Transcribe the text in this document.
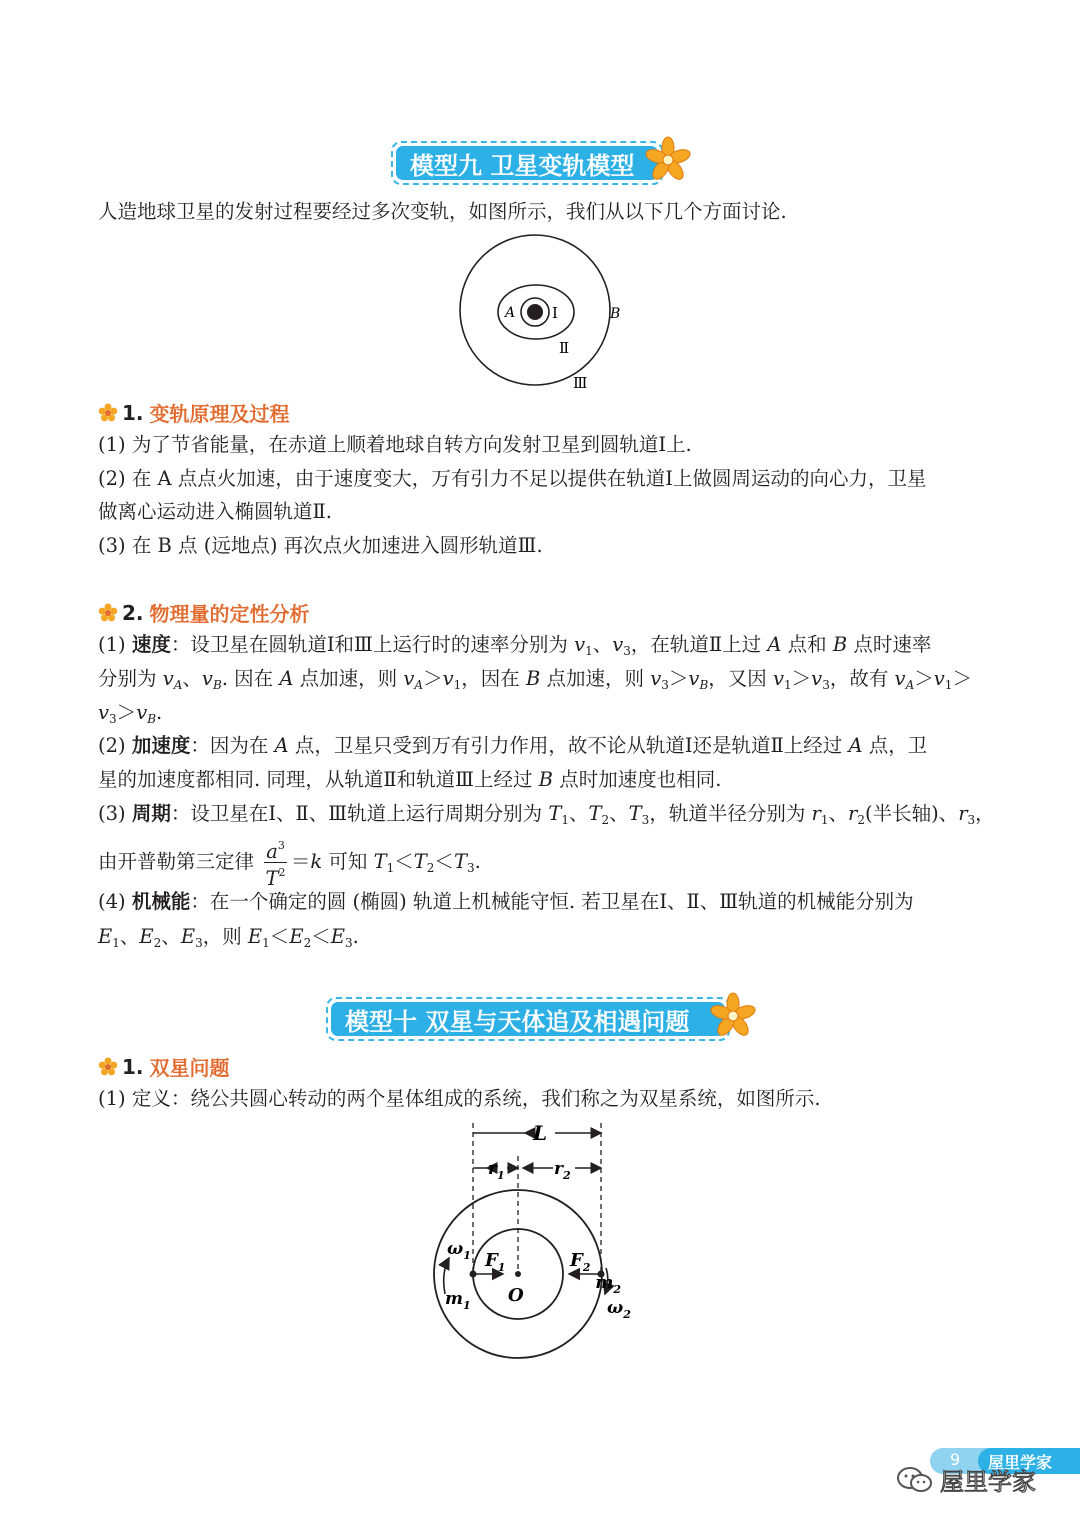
模型九 卫星变轨模型
人造地球卫星的发射过程要经过多次变轨，如图所示，我们从以下几个方面讨论.
A Ⅰ	B
Ⅱ
Ⅲ
1. 变轨原理及过程
(1) 为了节省能量，在赤道上顺着地球自转方向发射卫星到圆轨道Ⅰ上.
(2) 在 A 点点火加速，由于速度变大，万有引力不足以提供在轨道Ⅰ上做圆周运动的向心力，卫星
做离心运动进入椭圆轨道Ⅱ.
(3) 在 B 点 (远地点) 再次点火加速进入圆形轨道Ⅲ.
2. 物理量的定性分析
(1) 速度：设卫星在圆轨道Ⅰ和Ⅲ上运行时的速率分别为 $v_1$、$v_3$，在轨道Ⅱ上过 A 点和 B 点时速率
分别为 $v_A$、$v_B$. 因在 A 点加速，则 $v_A>v_1$，因在 B 点加速，则 $v_3>v_B$，又因 $v_1>v_3$，故有 $v_A>v_1>$
$v_3>v_B$.
(2) 加速度：因为在 A 点，卫星只受到万有引力作用，故不论从轨道Ⅰ还是轨道Ⅱ上经过 A 点，卫
星的加速度都相同. 同理，从轨道Ⅱ和轨道Ⅲ上经过 B 点时加速度也相同.
(3) 周期：设卫星在Ⅰ、Ⅱ、Ⅲ轨道上运行周期分别为 $T_1$、$T_2$、$T_3$，轨道半径分别为 $r_1$、$r_2$(半长轴)、$r_3$，
由开普勒第三定律 $\frac{a^3}{T^2} =k$ 可知 $T_1<T_2<T_3$.
(4) 机械能：在一个确定的圆 (椭圆) 轨道上机械能守恒. 若卫星在Ⅰ、Ⅱ、Ⅲ轨道的机械能分别为
$E_1$、$E_2$、$E_3$，则 $E_1<E_2<E_3$.
模型十 双星与天体追及相遇问题
1. 双星问题
(1) 定义：绕公共圆心转动的两个星体组成的系统，我们称之为双星系统，如图所示.
L
$r_1$	$r_2$
$F_1$	$F_2$
O
$\omega_1$
$m_1$
$m_2$
$\omega_2$
9 屋里学家
屋里学家
